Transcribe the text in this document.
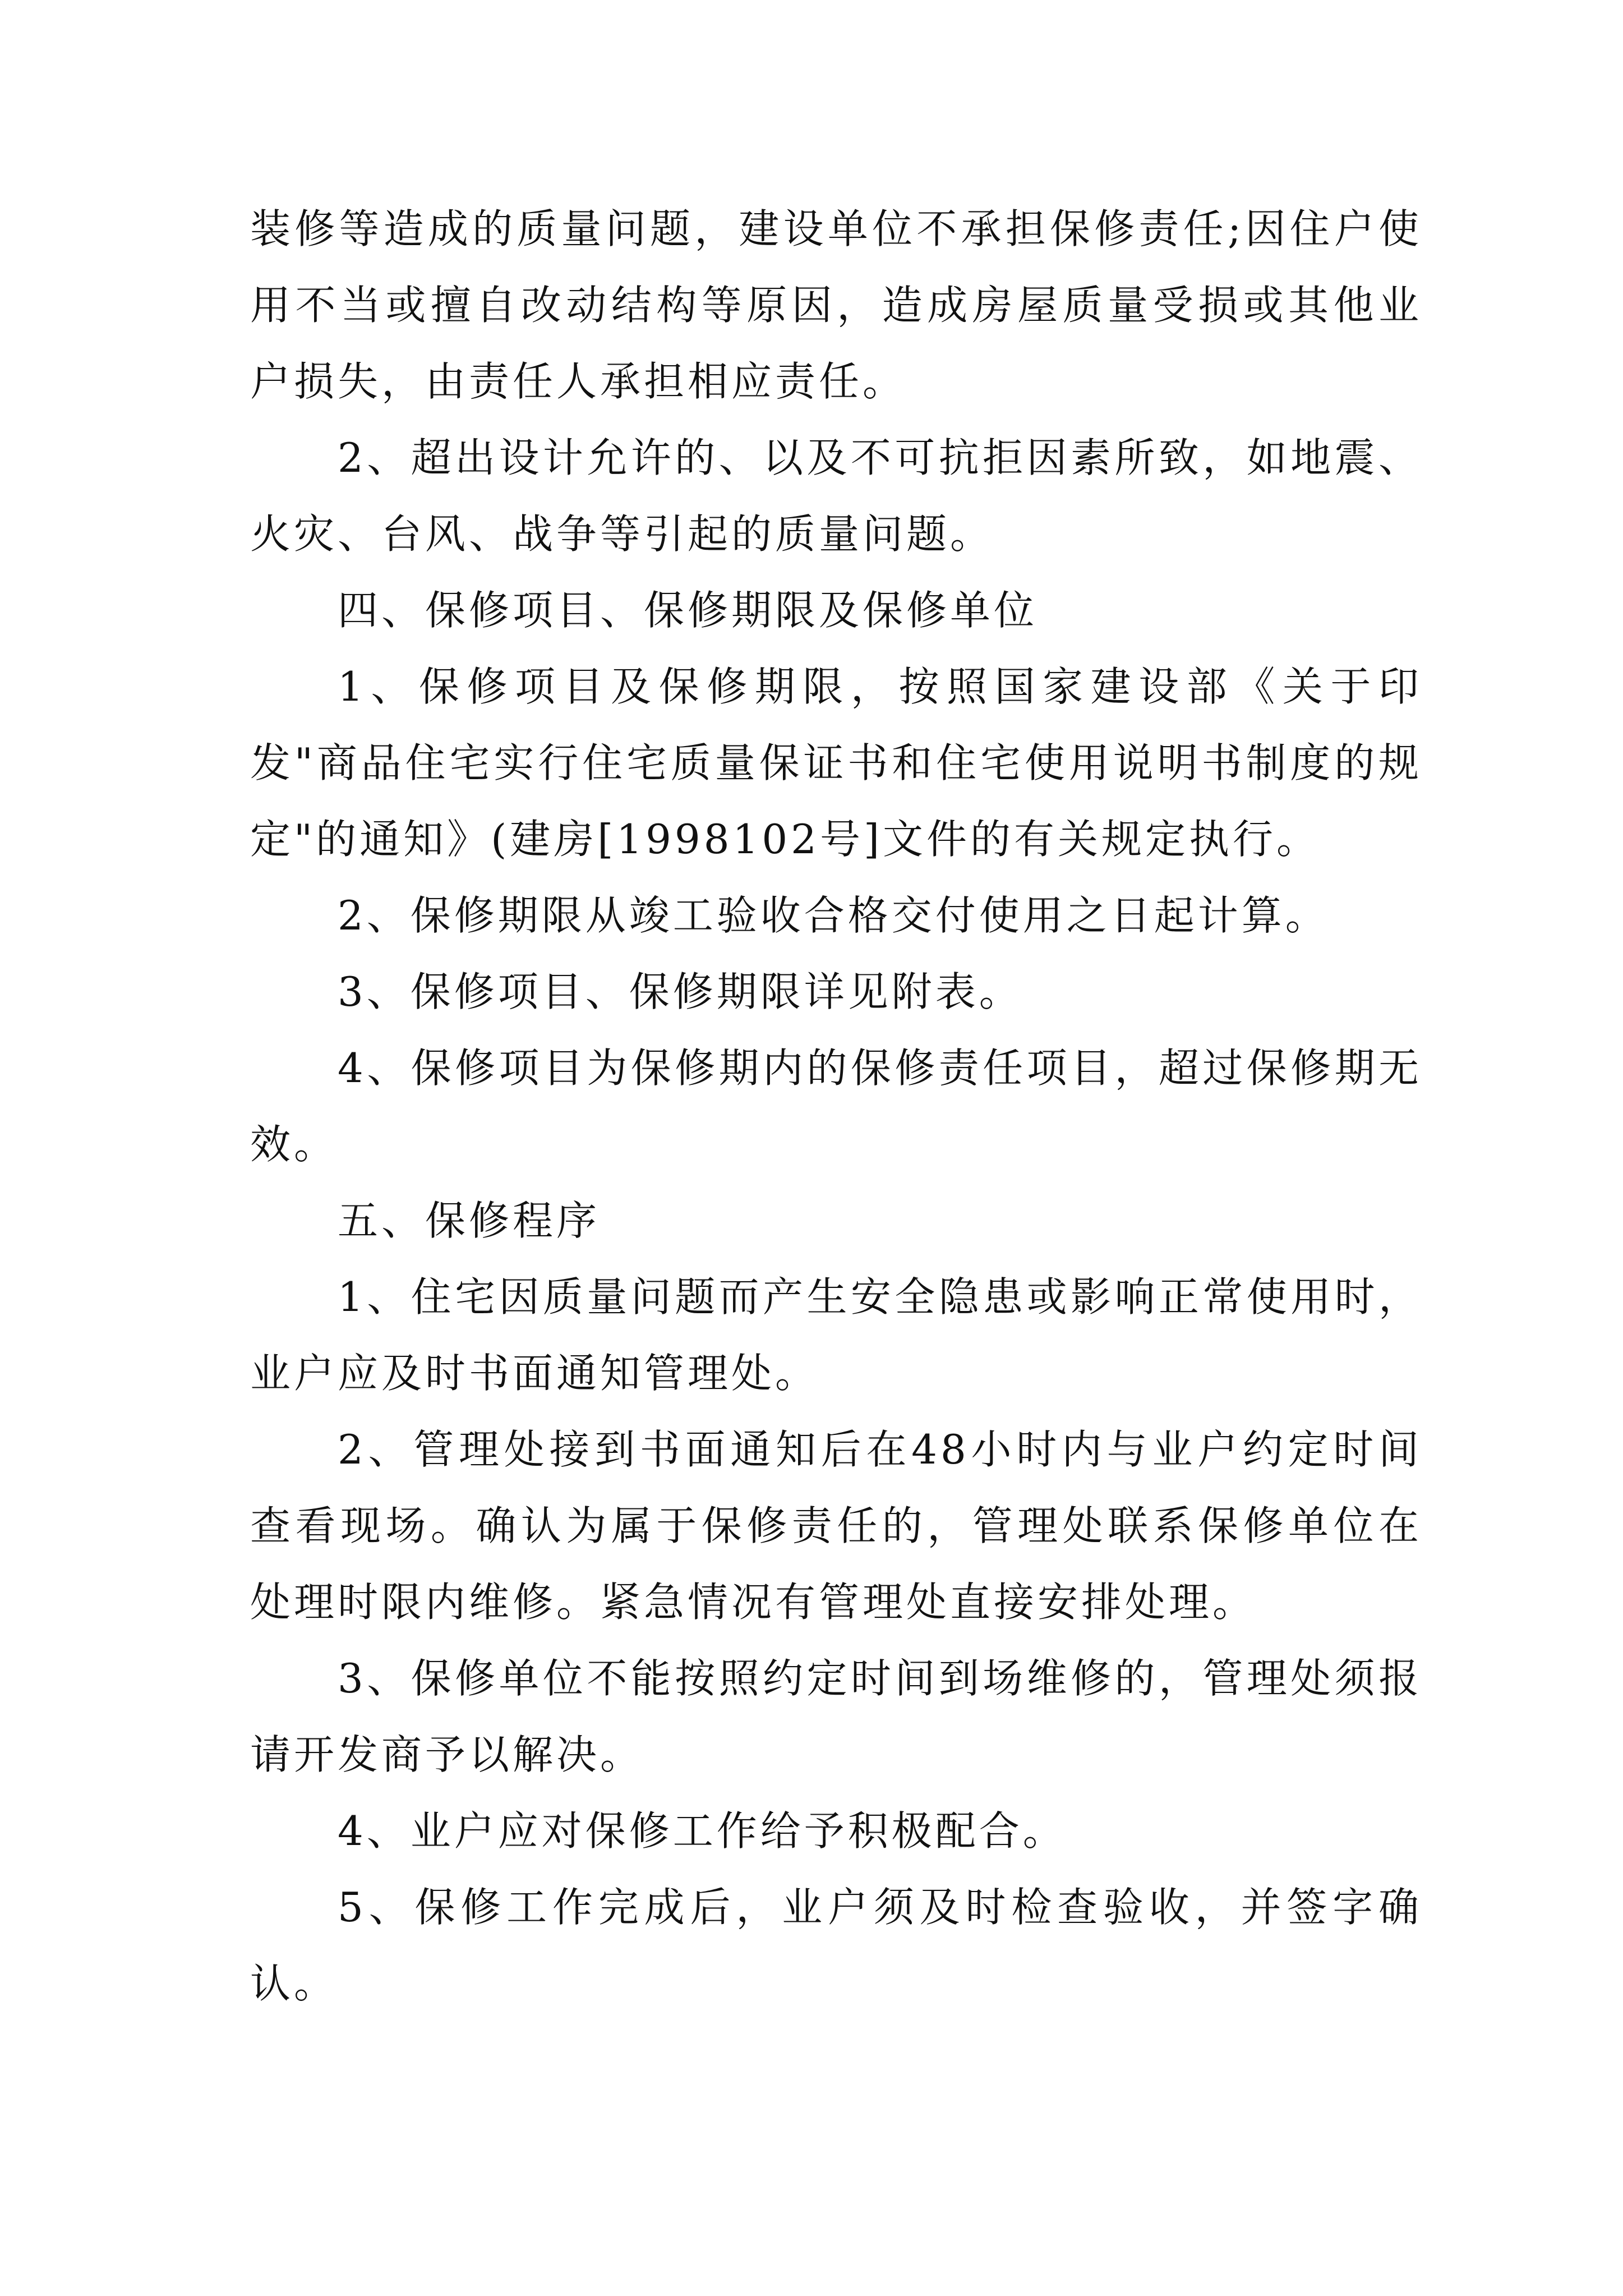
装修等造成的质量问题，建设单位不承担保修责任;因住户使用不当或擅自改动结构等原因，造成房屋质量受损或其他业户损失，由责任人承担相应责任。

2、超出设计允许的、以及不可抗拒因素所致，如地震、火灾、台风、战争等引起的质量问题。

四、保修项目、保修期限及保修单位

1、保修项目及保修期限，按照国家建设部《关于印发"商品住宅实行住宅质量保证书和住宅使用说明书制度的规定"的通知》(建房[1998102号]文件的有关规定执行。

2、保修期限从竣工验收合格交付使用之日起计算。

3、保修项目、保修期限详见附表。

4、保修项目为保修期内的保修责任项目，超过保修期无效。

五、保修程序

1、住宅因质量问题而产生安全隐患或影响正常使用时，业户应及时书面通知管理处。

2、管理处接到书面通知后在48小时内与业户约定时间查看现场。确认为属于保修责任的，管理处联系保修单位在处理时限内维修。紧急情况有管理处直接安排处理。

3、保修单位不能按照约定时间到场维修的，管理处须报请开发商予以解决。

4、业户应对保修工作给予积极配合。

5、保修工作完成后，业户须及时检查验收，并签字确认。
